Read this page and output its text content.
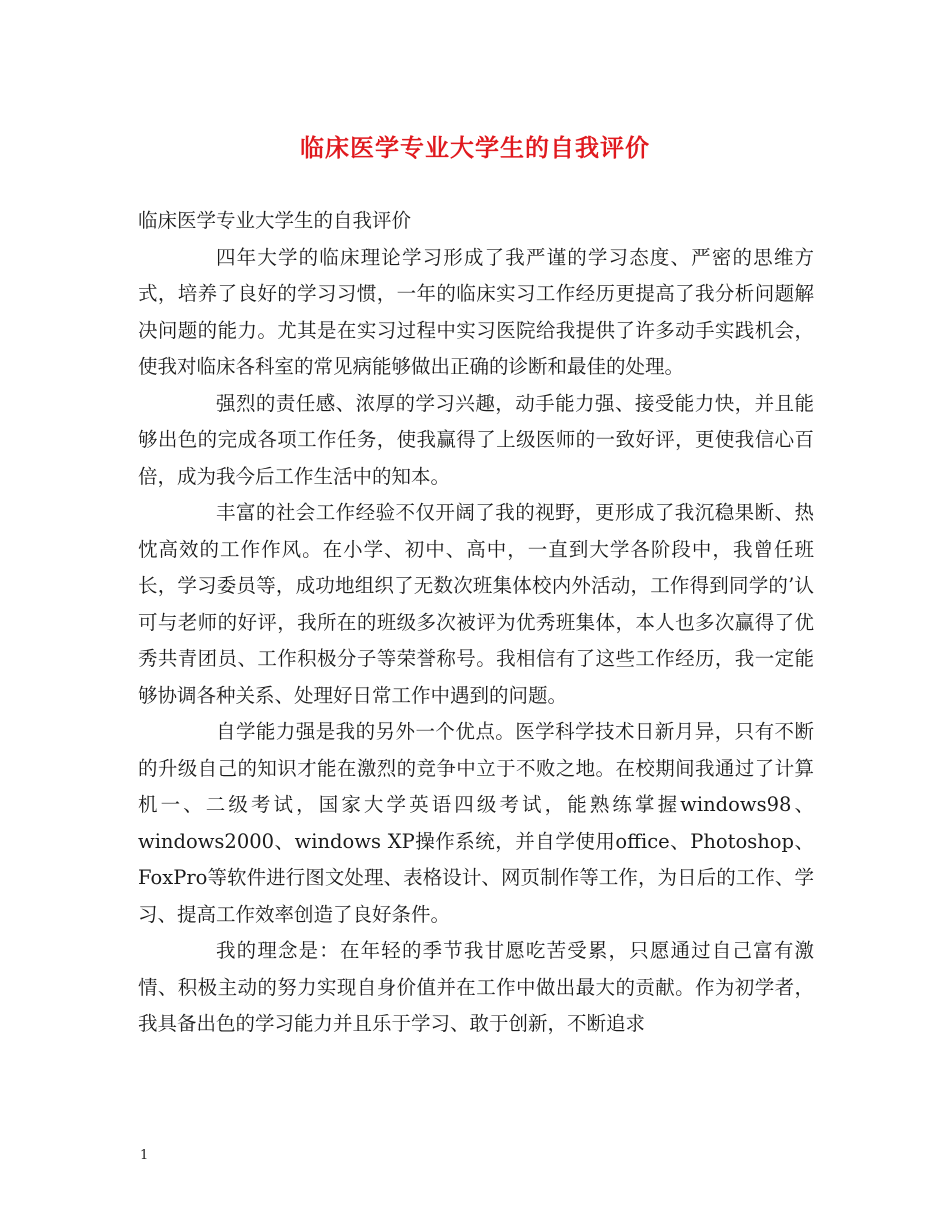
临床医学专业大学生的自我评价

临床医学专业大学生的自我评价

四年大学的临床理论学习形成了我严谨的学习态度、严密的思维方式，培养了良好的学习习惯，一年的临床实习工作经历更提高了我分析问题解决问题的能力。尤其是在实习过程中实习医院给我提供了许多动手实践机会，使我对临床各科室的常见病能够做出正确的诊断和最佳的处理。

强烈的责任感、浓厚的学习兴趣，动手能力强、接受能力快，并且能够出色的完成各项工作任务，使我赢得了上级医师的一致好评，更使我信心百倍，成为我今后工作生活中的知本。

丰富的社会工作经验不仅开阔了我的视野，更形成了我沉稳果断、热忱高效的工作作风。在小学、初中、高中，一直到大学各阶段中，我曾任班长，学习委员等，成功地组织了无数次班集体校内外活动，工作得到同学的’认可与老师的好评，我所在的班级多次被评为优秀班集体，本人也多次赢得了优秀共青团员、工作积极分子等荣誉称号。我相信有了这些工作经历，我一定能够协调各种关系、处理好日常工作中遇到的问题。

自学能力强是我的另外一个优点。医学科学技术日新月异，只有不断的升级自己的知识才能在激烈的竞争中立于不败之地。在校期间我通过了计算机一、二级考试，国家大学英语四级考试，能熟练掌握windows98、windows2000、windows XP操作系统，并自学使用office、Photoshop、FoxPro等软件进行图文处理、表格设计、网页制作等工作，为日后的工作、学习、提高工作效率创造了良好条件。

我的理念是：在年轻的季节我甘愿吃苦受累，只愿通过自己富有激情、积极主动的努力实现自身价值并在工作中做出最大的贡献。作为初学者，我具备出色的学习能力并且乐于学习、敢于创新，不断追求

1
